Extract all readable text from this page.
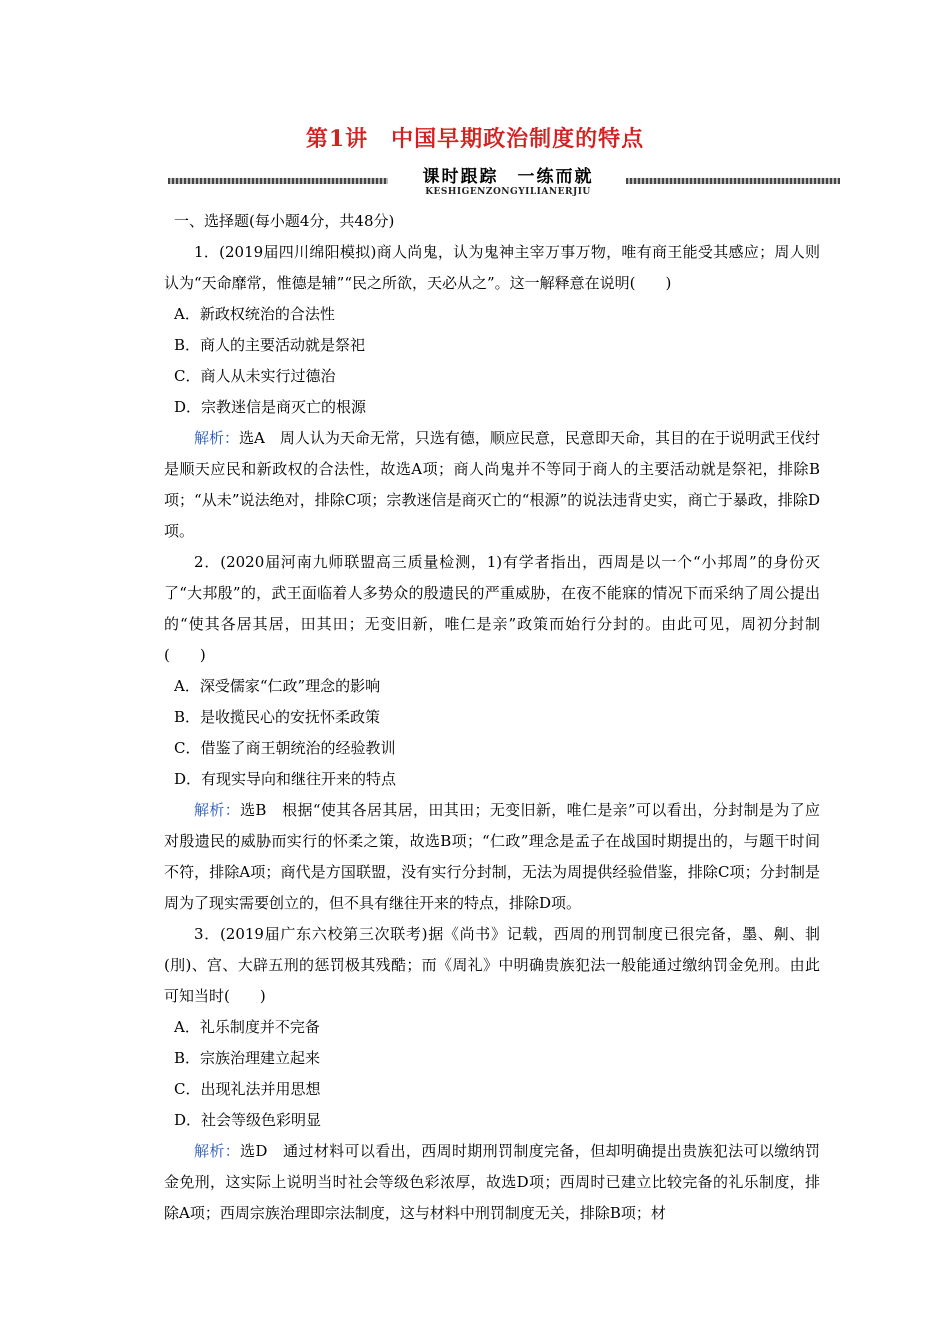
第1讲　中国早期政治制度的特点
课时跟踪　一练而就
KESHIGENZONGYILIANERJIU

一、选择题(每小题4分，共48分)

1．(2019届四川绵阳模拟)商人尚鬼，认为鬼神主宰万事万物，唯有商王能受其感应；周人则认为“天命靡常，惟德是辅”“民之所欲，天必从之”。这一解释意在说明(　　)

A．新政权统治的合法性

B．商人的主要活动就是祭祀

C．商人从未实行过德治

D．宗教迷信是商灭亡的根源

解析：选A　周人认为天命无常，只选有德，顺应民意，民意即天命，其目的在于说明武王伐纣是顺天应民和新政权的合法性，故选A项；商人尚鬼并不等同于商人的主要活动就是祭祀，排除B项；“从未”说法绝对，排除C项；宗教迷信是商灭亡的“根源”的说法违背史实，商亡于暴政，排除D项。

2．(2020届河南九师联盟高三质量检测，1)有学者指出，西周是以一个“小邦周”的身份灭了“大邦殷”的，武王面临着人多势众的殷遗民的严重威胁，在夜不能寐的情况下而采纳了周公提出的“使其各居其居，田其田；无变旧新，唯仁是亲”政策而始行分封的。由此可见，周初分封制(　　)

A．深受儒家“仁政”理念的影响

B．是收揽民心的安抚怀柔政策

C．借鉴了商王朝统治的经验教训

D．有现实导向和继往开来的特点

解析：选B　根据“使其各居其居，田其田；无变旧新，唯仁是亲”可以看出，分封制是为了应对殷遗民的威胁而实行的怀柔之策，故选B项；“仁政”理念是孟子在战国时期提出的，与题干时间不符，排除A项；商代是方国联盟，没有实行分封制，无法为周提供经验借鉴，排除C项；分封制是周为了现实需要创立的，但不具有继往开来的特点，排除D项。

3．(2019届广东六校第三次联考)据《尚书》记载，西周的刑罚制度已很完备，墨、劓、剕(刖)、宫、大辟五刑的惩罚极其残酷；而《周礼》中明确贵族犯法一般能通过缴纳罚金免刑。由此可知当时(　　)

A．礼乐制度并不完备

B．宗族治理建立起来

C．出现礼法并用思想

D．社会等级色彩明显

解析：选D　通过材料可以看出，西周时期刑罚制度完备，但却明确提出贵族犯法可以缴纳罚金免刑，这实际上说明当时社会等级色彩浓厚，故选D项；西周时已建立比较完备的礼乐制度，排除A项；西周宗族治理即宗法制度，这与材料中刑罚制度无关，排除B项；材
